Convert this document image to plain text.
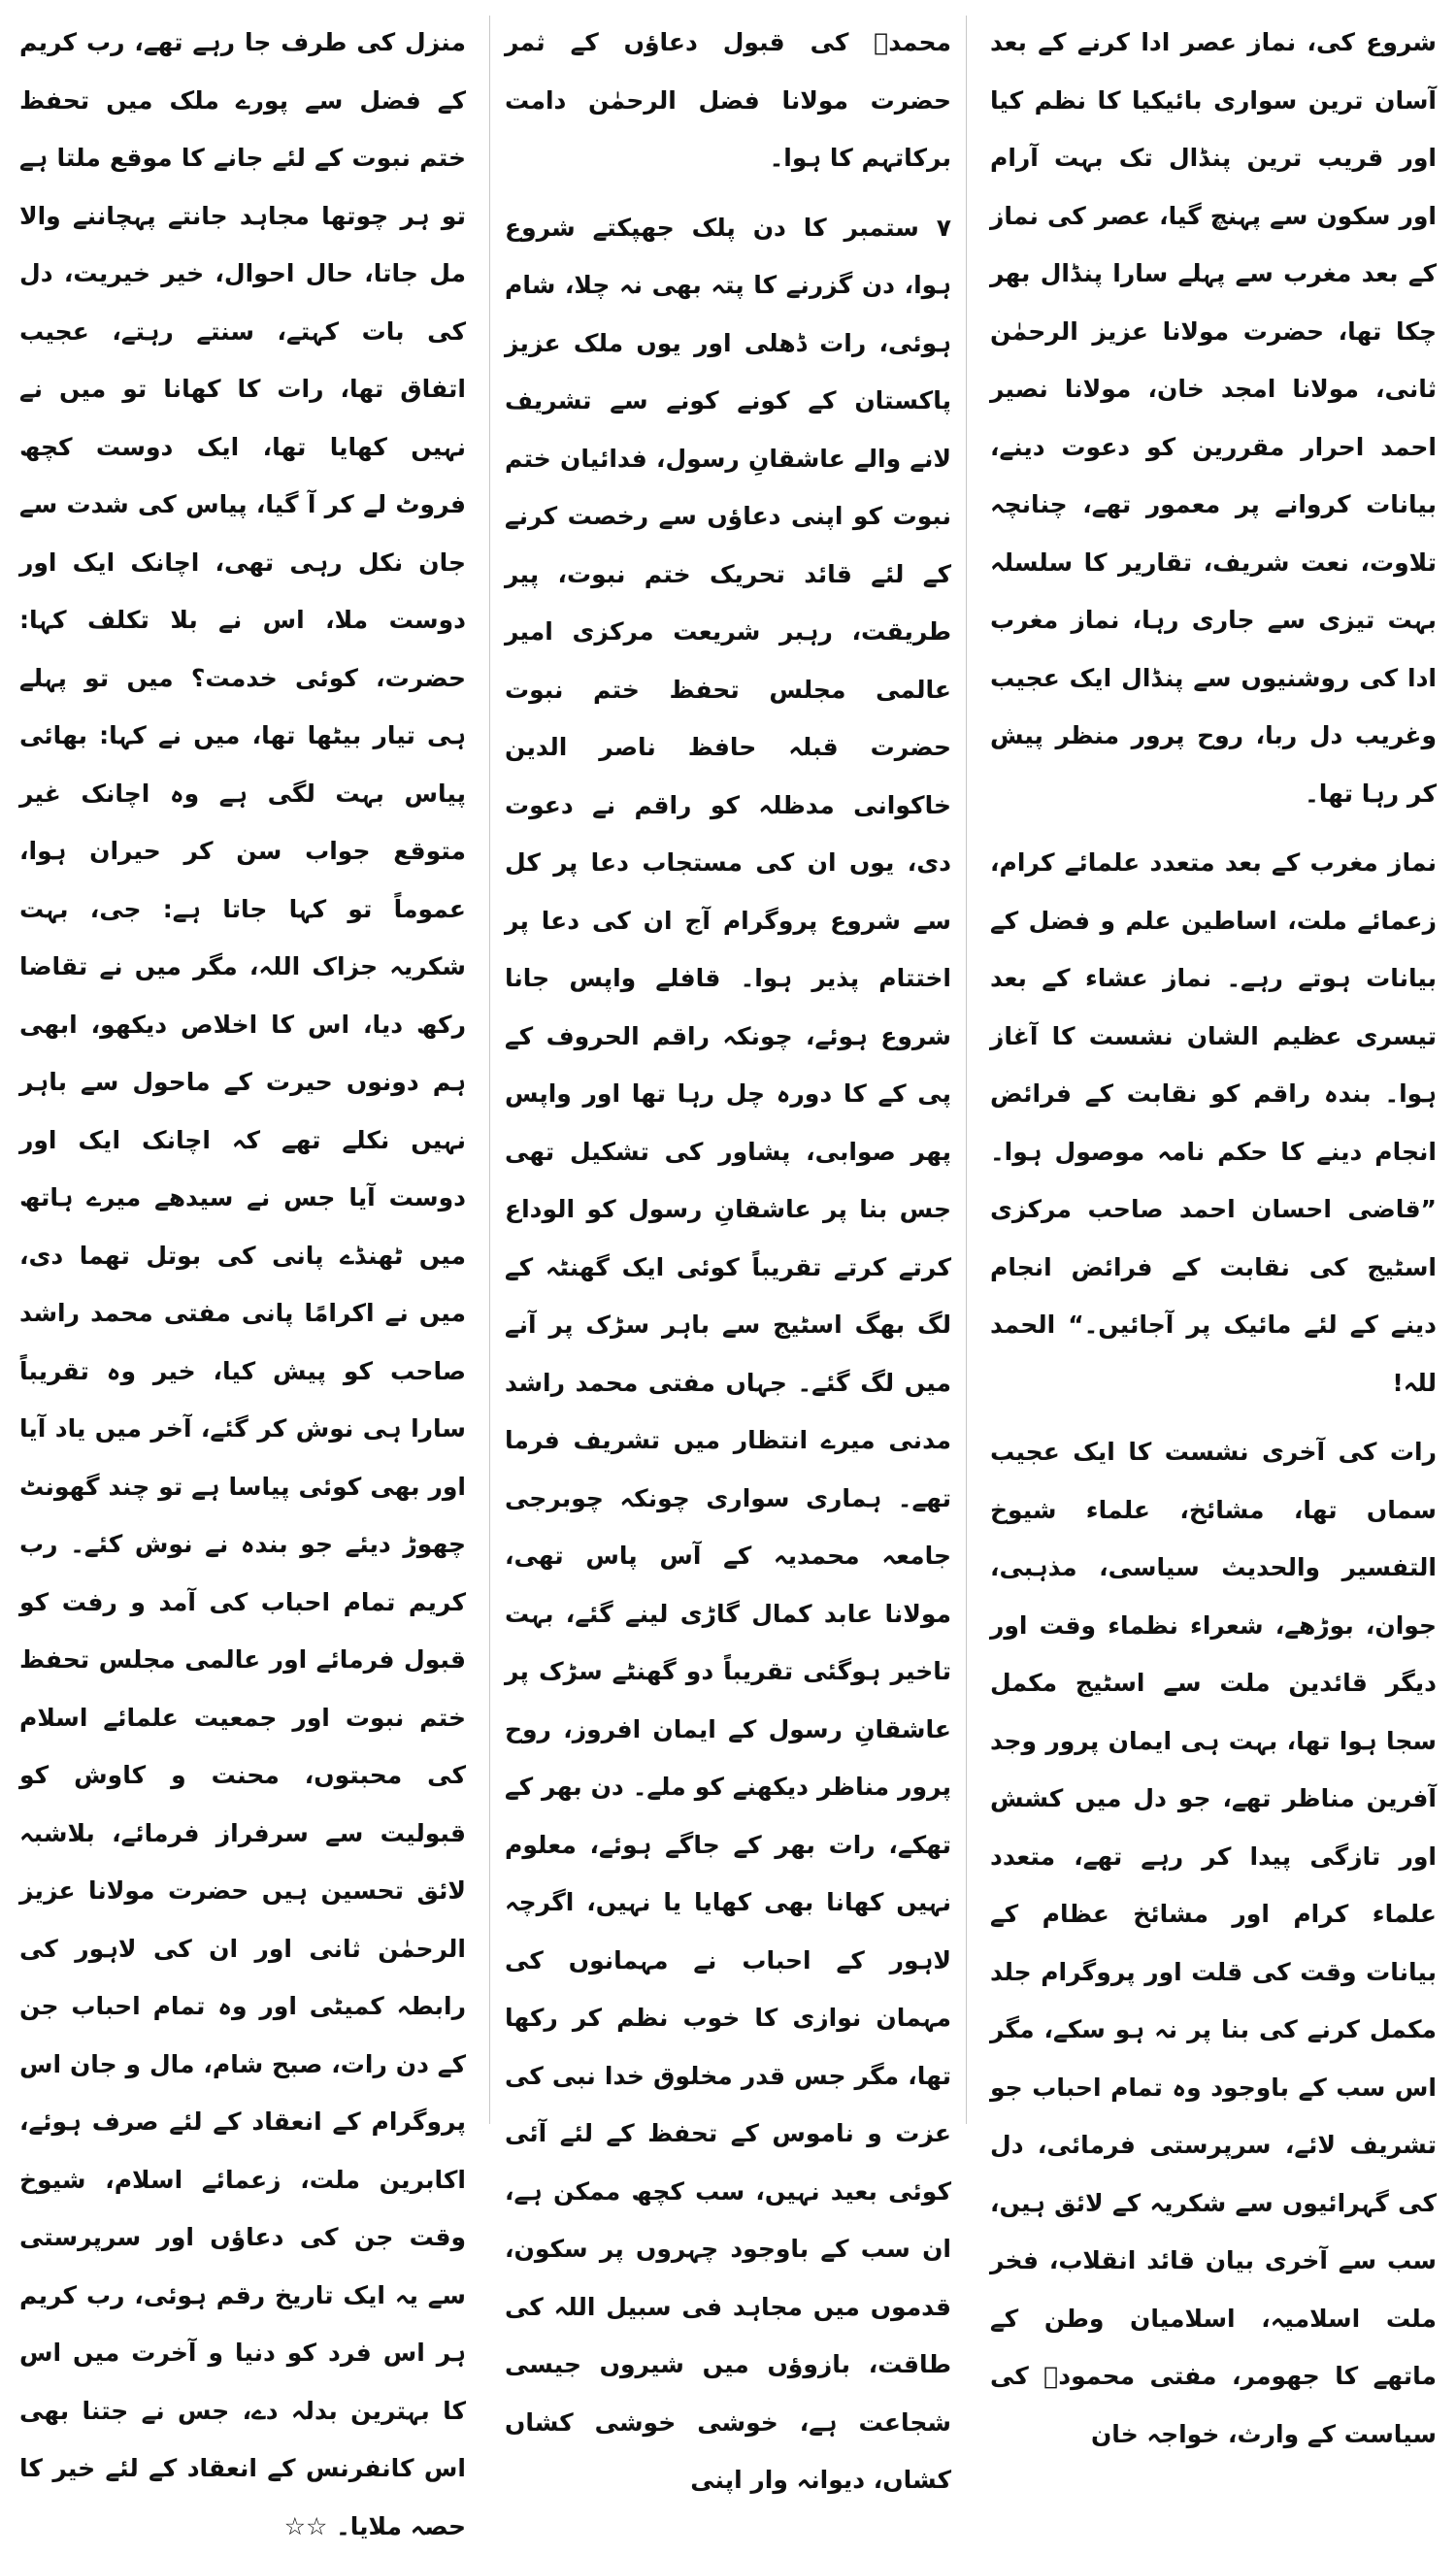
شروع کی، نماز عصر ادا کرنے کے بعد آسان ترین سواری بائیکیا کا نظم کیا اور قریب ترین پنڈال تک بہت آرام اور سکون سے پہنچ گیا، عصر کی نماز کے بعد مغرب سے پہلے سارا پنڈال بھر چکا تھا، حضرت مولانا عزیز الرحمٰن ثانی، مولانا امجد خان، مولانا نصیر احمد احرار مقررین کو دعوت دینے، بیانات کروانے پر معمور تھے، چنانچہ تلاوت، نعت شریف، تقاریر کا سلسلہ بہت تیزی سے جاری رہا، نماز مغرب ادا کی روشنیوں سے پنڈال ایک عجیب وغریب دل ربا، روح پرور منظر پیش کر رہا تھا۔

نماز مغرب کے بعد متعدد علمائے کرام، زعمائے ملت، اساطین علم و فضل کے بیانات ہوتے رہے۔ نماز عشاء کے بعد تیسری عظیم الشان نشست کا آغاز ہوا۔ بندہ راقم کو نقابت کے فرائض انجام دینے کا حکم نامہ موصول ہوا۔ ”قاضی احسان احمد صاحب مرکزی اسٹیج کی نقابت کے فرائض انجام دینے کے لئے مائیک پر آجائیں۔“ الحمد للہ!

رات کی آخری نشست کا ایک عجیب سماں تھا، مشائخ، علماء شیوخ التفسیر والحدیث سیاسی، مذہبی، جوان، بوڑھے، شعراء نظماء وقت اور دیگر قائدین ملت سے اسٹیج مکمل سجا ہوا تھا، بہت ہی ایمان پرور وجد آفرین مناظر تھے، جو دل میں کشش اور تازگی پیدا کر رہے تھے، متعدد علماء کرام اور مشائخ عظام کے بیانات وقت کی قلت اور پروگرام جلد مکمل کرنے کی بنا پر نہ ہو سکے، مگر اس سب کے باوجود وہ تمام احباب جو تشریف لائے، سرپرستی فرمائی، دل کی گہرائیوں سے شکریہ کے لائق ہیں، سب سے آخری بیان قائد انقلاب، فخر ملت اسلامیہ، اسلامیان وطن کے ماتھے کا جھومر، مفتی محمودؒ کی سیاست کے وارث، خواجہ خان

محمدؒ کی قبول دعاؤں کے ثمر حضرت مولانا فضل الرحمٰن دامت برکاتہم کا ہوا۔

۷ ستمبر کا دن پلک جھپکتے شروع ہوا، دن گزرنے کا پتہ بھی نہ چلا، شام ہوئی، رات ڈھلی اور یوں ملک عزیز پاکستان کے کونے کونے سے تشریف لانے والے عاشقانِ رسول، فدائیان ختم نبوت کو اپنی دعاؤں سے رخصت کرنے کے لئے قائد تحریک ختم نبوت، پیر طریقت، رہبر شریعت مرکزی امیر عالمی مجلس تحفظ ختم نبوت حضرت قبلہ حافظ ناصر الدین خاکوانی مدظلہ کو راقم نے دعوت دی، یوں ان کی مستجاب دعا پر کل سے شروع پروگرام آج ان کی دعا پر اختتام پذیر ہوا۔ قافلے واپس جانا شروع ہوئے، چونکہ راقم الحروف کے پی کے کا دورہ چل رہا تھا اور واپس پھر صوابی، پشاور کی تشکیل تھی جس بنا پر عاشقانِ رسول کو الوداع کرتے کرتے تقریباً کوئی ایک گھنٹہ کے لگ بھگ اسٹیج سے باہر سڑک پر آنے میں لگ گئے۔ جہاں مفتی محمد راشد مدنی میرے انتظار میں تشریف فرما تھے۔ ہماری سواری چونکہ چوبرجی جامعہ محمدیہ کے آس پاس تھی، مولانا عابد کمال گاڑی لینے گئے، بہت تاخیر ہوگئی تقریباً دو گھنٹے سڑک پر عاشقانِ رسول کے ایمان افروز، روح پرور مناظر دیکھنے کو ملے۔ دن بھر کے تھکے، رات بھر کے جاگے ہوئے، معلوم نہیں کھانا بھی کھایا یا نہیں، اگرچہ لاہور کے احباب نے مہمانوں کی مہمان نوازی کا خوب نظم کر رکھا تھا، مگر جس قدر مخلوق خدا نبی کی عزت و ناموس کے تحفظ کے لئے آئی کوئی بعید نہیں، سب کچھ ممکن ہے، ان سب کے باوجود چہروں پر سکون، قدموں میں مجاہد فی سبیل اللہ کی طاقت، بازوؤں میں شیروں جیسی شجاعت ہے، خوشی خوشی کشاں کشاں، دیوانہ وار اپنی

منزل کی طرف جا رہے تھے، رب کریم کے فضل سے پورے ملک میں تحفظ ختم نبوت کے لئے جانے کا موقع ملتا ہے تو ہر چوتھا مجاہد جانتے پہچاننے والا مل جاتا، حال احوال، خیر خیریت، دل کی بات کہتے، سنتے رہتے، عجیب اتفاق تھا، رات کا کھانا تو میں نے نہیں کھایا تھا، ایک دوست کچھ فروٹ لے کر آ گیا، پیاس کی شدت سے جان نکل رہی تھی، اچانک ایک اور دوست ملا، اس نے بلا تکلف کہا: حضرت، کوئی خدمت؟ میں تو پہلے ہی تیار بیٹھا تھا، میں نے کہا: بھائی پیاس بہت لگی ہے وہ اچانک غیر متوقع جواب سن کر حیران ہوا، عموماً تو کہا جاتا ہے: جی، بہت شکریہ جزاک اللہ، مگر میں نے تقاضا رکھ دیا، اس کا اخلاص دیکھو، ابھی ہم دونوں حیرت کے ماحول سے باہر نہیں نکلے تھے کہ اچانک ایک اور دوست آیا جس نے سیدھے میرے ہاتھ میں ٹھنڈے پانی کی بوتل تھما دی، میں نے اکرامًا پانی مفتی محمد راشد صاحب کو پیش کیا، خیر وہ تقریباً سارا ہی نوش کر گئے، آخر میں یاد آیا اور بھی کوئی پیاسا ہے تو چند گھونٹ چھوڑ دیئے جو بندہ نے نوش کئے۔ رب کریم تمام احباب کی آمد و رفت کو قبول فرمائے اور عالمی مجلس تحفظ ختم نبوت اور جمعیت علمائے اسلام کی محبتوں، محنت و کاوش کو قبولیت سے سرفراز فرمائے، بلاشبہ لائق تحسین ہیں حضرت مولانا عزیز الرحمٰن ثانی اور ان کی لاہور کی رابطہ کمیٹی اور وہ تمام احباب جن کے دن رات، صبح شام، مال و جان اس پروگرام کے انعقاد کے لئے صرف ہوئے، اکابرین ملت، زعمائے اسلام، شیوخ وقت جن کی دعاؤں اور سرپرستی سے یہ ایک تاریخ رقم ہوئی، رب کریم ہر اس فرد کو دنیا و آخرت میں اس کا بہترین بدلہ دے، جس نے جتنا بھی اس کانفرنس کے انعقاد کے لئے خیر کا حصہ ملایا۔ ☆☆
